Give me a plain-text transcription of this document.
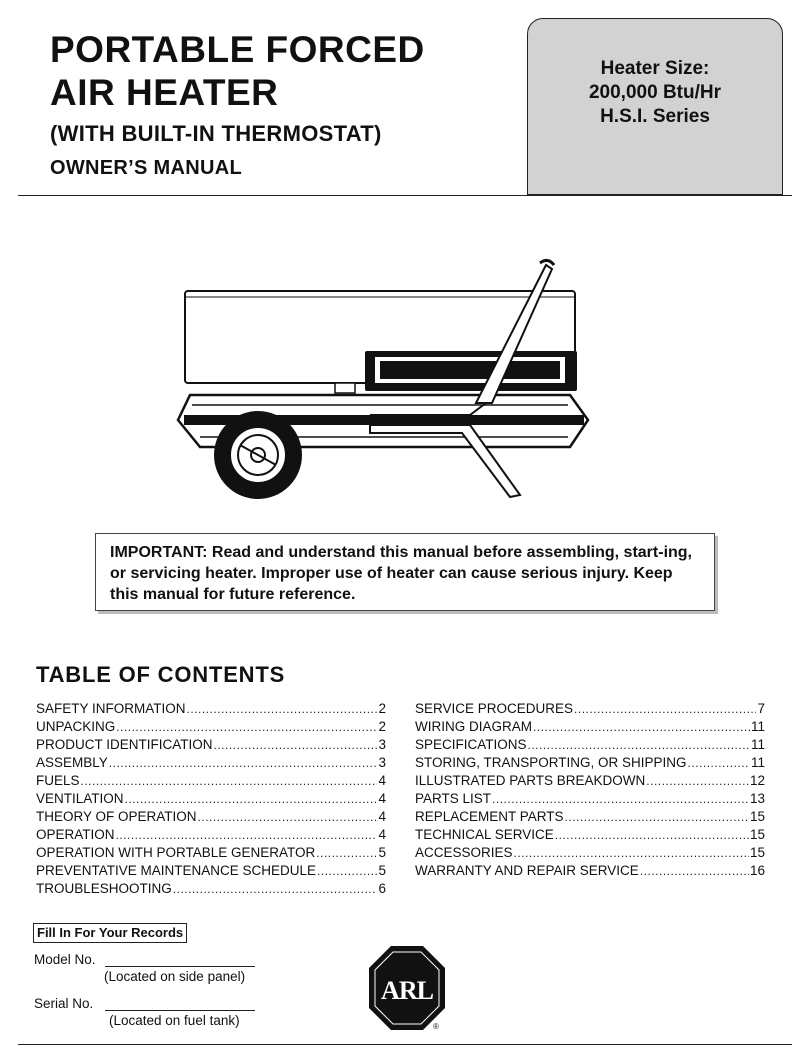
PORTABLE FORCED
AIR HEATER
(WITH BUILT-IN THERMOSTAT)
OWNER’S MANUAL
Heater Size:
200,000 Btu/Hr
H.S.I. Series
IMPORTANT: Read and understand this manual before assembling, start-ing, or servicing heater. Improper use of heater can cause serious injury. Keep this manual for future reference.
TABLE OF CONTENTS
SAFETY INFORMATION .....	2
UNPACKING .....	2
PRODUCT IDENTIFICATION .....	3
ASSEMBLY .....	3
FUELS .....	4
VENTILATION .....	4
THEORY OF OPERATION .....	4
OPERATION .....	4
OPERATION WITH PORTABLE GENERATOR .....	5
PREVENTATIVE MAINTENANCE SCHEDULE .....	5
TROUBLESHOOTING .....	6
SERVICE PROCEDURES .....	7
WIRING DIAGRAM .....	11
SPECIFICATIONS .....	11
STORING, TRANSPORTING, OR SHIPPING .....	11
ILLUSTRATED PARTS BREAKDOWN .....	12
PARTS LIST .....	13
REPLACEMENT PARTS .....	15
TECHNICAL SERVICE .....	15
ACCESSORIES .....	15
WARRANTY AND REPAIR SERVICE .....	16
Fill In For Your Records
Model No.
(Located on side panel)
Serial No.
(Located on fuel tank)
ARL
®
